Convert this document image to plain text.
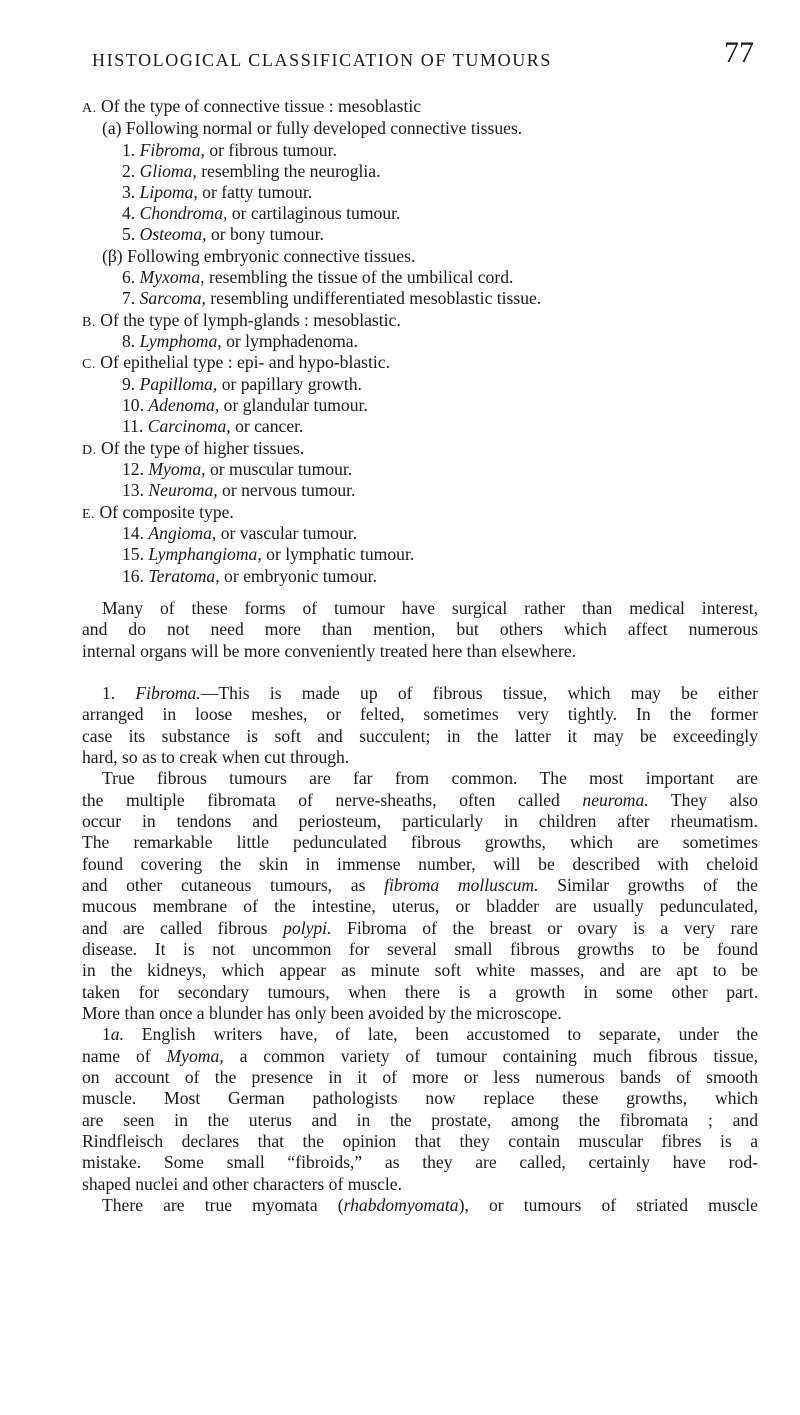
HISTOLOGICAL CLASSIFICATION OF TUMOURS	77
A. Of the type of connective tissue : mesoblastic
(a) Following normal or fully developed connective tissues.
1. Fibroma, or fibrous tumour.
2. Glioma, resembling the neuroglia.
3. Lipoma, or fatty tumour.
4. Chondroma, or cartilaginous tumour.
5. Osteoma, or bony tumour.
(β) Following embryonic connective tissues.
6. Myxoma, resembling the tissue of the umbilical cord.
7. Sarcoma, resembling undifferentiated mesoblastic tissue.
B. Of the type of lymph-glands : mesoblastic.
8. Lymphoma, or lymphadenoma.
C. Of epithelial type : epi- and hypo-blastic.
9. Papilloma, or papillary growth.
10. Adenoma, or glandular tumour.
11. Carcinoma, or cancer.
D. Of the type of higher tissues.
12. Myoma, or muscular tumour.
13. Neuroma, or nervous tumour.
E. Of composite type.
14. Angioma, or vascular tumour.
15. Lymphangioma, or lymphatic tumour.
16. Teratoma, or embryonic tumour.
Many of these forms of tumour have surgical rather than medical interest,
and do not need more than mention, but others which affect numerous
internal organs will be more conveniently treated here than elsewhere.
1. Fibroma.—This is made up of fibrous tissue, which may be either
arranged in loose meshes, or felted, sometimes very tightly. In the former
case its substance is soft and succulent; in the latter it may be exceedingly
hard, so as to creak when cut through.
True fibrous tumours are far from common. The most important are
the multiple fibromata of nerve-sheaths, often called neuroma. They also
occur in tendons and periosteum, particularly in children after rheumatism.
The remarkable little pedunculated fibrous growths, which are sometimes
found covering the skin in immense number, will be described with cheloid
and other cutaneous tumours, as fibroma molluscum. Similar growths of the
mucous membrane of the intestine, uterus, or bladder are usually pedunculated,
and are called fibrous polypi. Fibroma of the breast or ovary is a very rare
disease. It is not uncommon for several small fibrous growths to be found
in the kidneys, which appear as minute soft white masses, and are apt to be
taken for secondary tumours, when there is a growth in some other part.
More than once a blunder has only been avoided by the microscope.
1a. English writers have, of late, been accustomed to separate, under the
name of Myoma, a common variety of tumour containing much fibrous tissue,
on account of the presence in it of more or less numerous bands of smooth
muscle. Most German pathologists now replace these growths, which
are seen in the uterus and in the prostate, among the fibromata ; and
Rindfleisch declares that the opinion that they contain muscular fibres is a
mistake. Some small “fibroids,” as they are called, certainly have rod-
shaped nuclei and other characters of muscle.
There are true myomata (rhabdomyomata), or tumours of striated muscle
